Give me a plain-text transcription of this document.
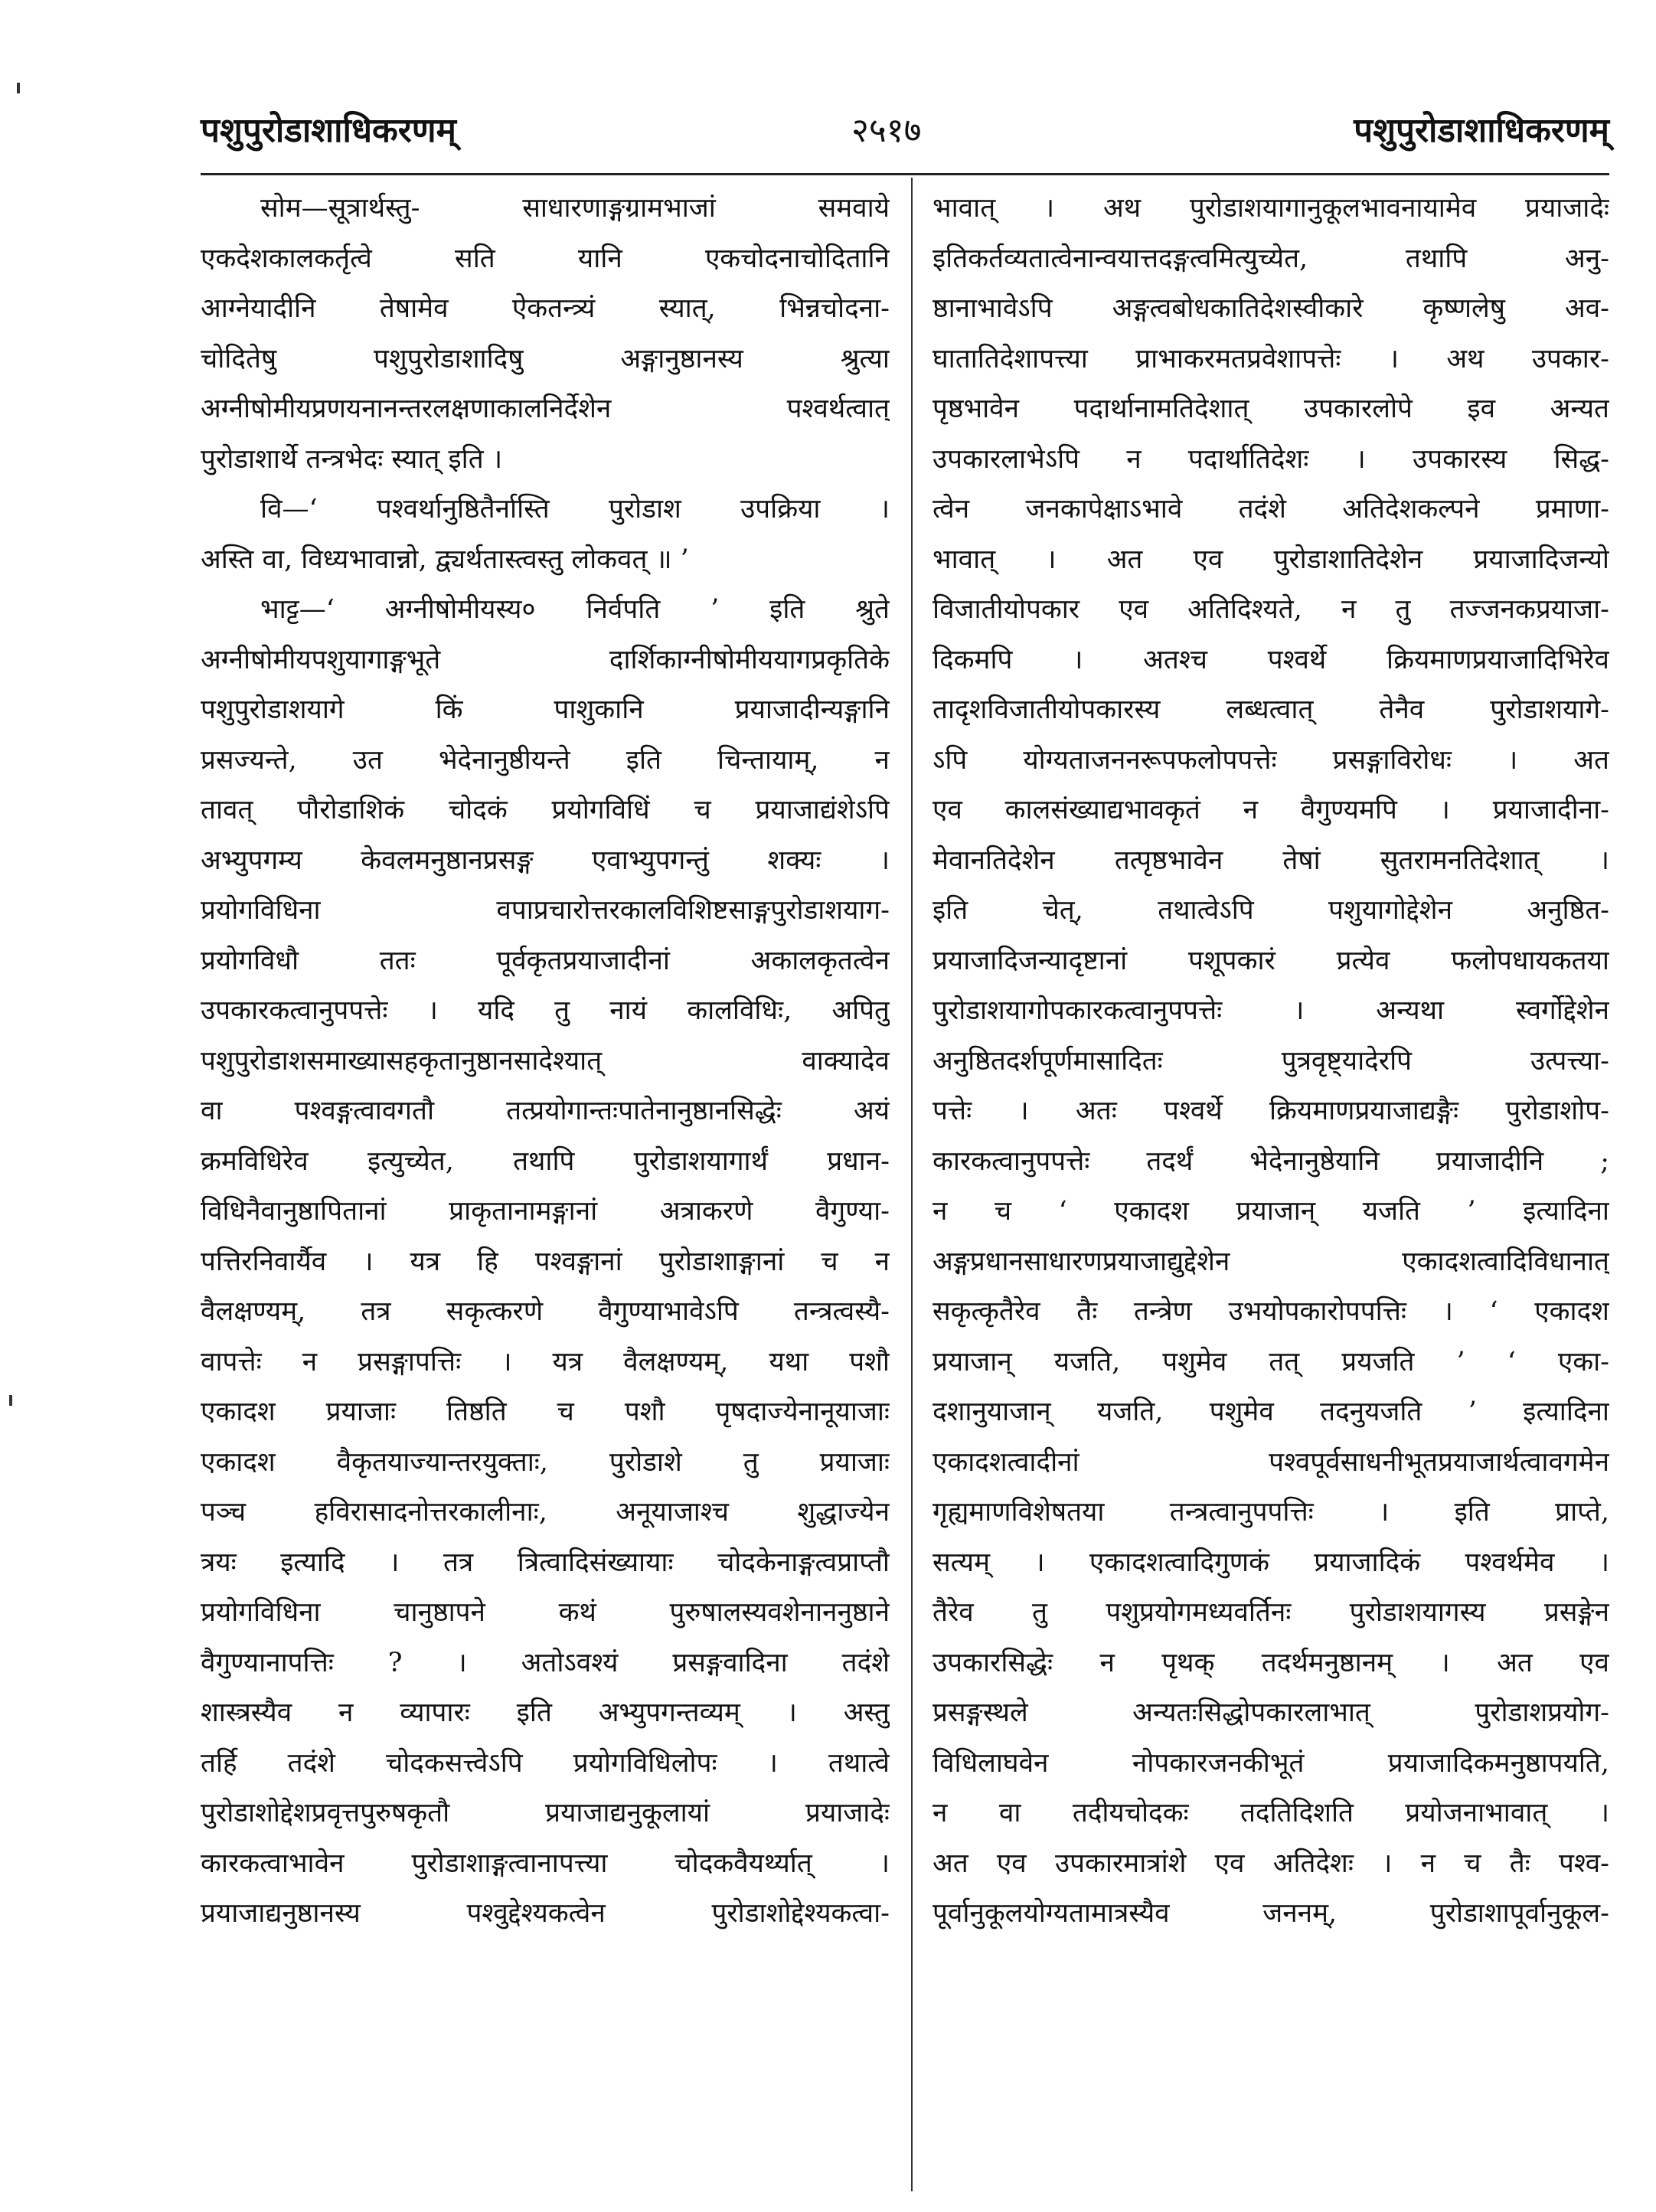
पशुपुरोडाशाधिकरणम्	२५१७	पशुपुरोडाशाधिकरणम्
सोम—सूत्रार्थस्तु- साधारणाङ्गग्रामभाजां समवाये
एकदेशकालकर्तृत्वे सति यानि एकचोदनाचोदितानि
आग्नेयादीनि तेषामेव ऐकतन्त्र्यं स्यात्, भिन्नचोदना-
चोदितेषु पशुपुरोडाशादिषु अङ्गानुष्ठानस्य श्रुत्या
अग्नीषोमीयप्रणयनानन्तरलक्षणाकालनिर्देशेन पश्वर्थत्वात्
पुरोडाशार्थे तन्त्रभेदः स्यात् इति ।
वि—‘ पश्वर्थानुष्ठितैर्नास्ति पुरोडाश उपक्रिया ।
अस्ति वा, विध्यभावान्नो, द्व्यर्थतास्त्वस्तु लोकवत् ॥ ’
भाट्ट—‘ अग्नीषोमीयस्य० निर्वपति ’ इति श्रुते
अग्नीषोमीयपशुयागाङ्गभूते दार्शिकाग्नीषोमीययागप्रकृतिके
पशुपुरोडाशयागे किं पाशुकानि प्रयाजादीन्यङ्गानि
प्रसज्यन्ते, उत भेदेनानुष्ठीयन्ते इति चिन्तायाम्, न
तावत् पौरोडाशिकं चोदकं प्रयोगविधिं च प्रयाजाद्यंशेऽपि
अभ्युपगम्य केवलमनुष्ठानप्रसङ्ग एवाभ्युपगन्तुं शक्यः ।
प्रयोगविधिना वपाप्रचारोत्तरकालविशिष्टसाङ्गपुरोडाशयाग-
प्रयोगविधौ ततः पूर्वकृतप्रयाजादीनां अकालकृतत्वेन
उपकारकत्वानुपपत्तेः । यदि तु नायं कालविधिः, अपितु
पशुपुरोडाशसमाख्यासहकृतानुष्ठानसादेश्यात् वाक्यादेव
वा पश्वङ्गत्वावगतौ तत्प्रयोगान्तःपातेनानुष्ठानसिद्धेः अयं
क्रमविधिरेव इत्युच्येत, तथापि पुरोडाशयागार्थं प्रधान-
विधिनैवानुष्ठापितानां प्राकृतानामङ्गानां अत्राकरणे वैगुण्या-
पत्तिरनिवार्यैव । यत्र हि पश्वङ्गानां पुरोडाशाङ्गानां च न
वैलक्षण्यम्, तत्र सकृत्करणे वैगुण्याभावेऽपि तन्त्रत्वस्यै-
वापत्तेः न प्रसङ्गापत्तिः । यत्र वैलक्षण्यम्, यथा पशौ
एकादश प्रयाजाः तिष्ठति च पशौ पृषदाज्येनानूयाजाः
एकादश वैकृतयाज्यान्तरयुक्ताः, पुरोडाशे तु प्रयाजाः
पञ्च हविरासादनोत्तरकालीनाः, अनूयाजाश्च शुद्धाज्येन
त्रयः इत्यादि । तत्र त्रित्वादिसंख्यायाः चोदकेनाङ्गत्वप्राप्तौ
प्रयोगविधिना चानुष्ठापने कथं पुरुषालस्यवशेनाननुष्ठाने
वैगुण्यानापत्तिः ? । अतोऽवश्यं प्रसङ्गवादिना तदंशे
शास्त्रस्यैव न व्यापारः इति अभ्युपगन्तव्यम् । अस्तु
तर्हि तदंशे चोदकसत्त्वेऽपि प्रयोगविधिलोपः । तथात्वे
पुरोडाशोद्देशप्रवृत्तपुरुषकृतौ प्रयाजाद्यनुकूलायां प्रयाजादेः
कारकत्वाभावेन पुरोडाशाङ्गत्वानापत्त्या चोदकवैयर्थ्यात् ।
प्रयाजाद्यनुष्ठानस्य पश्वुद्देश्यकत्वेन पुरोडाशोद्देश्यकत्वा-
भावात् । अथ पुरोडाशयागानुकूलभावनायामेव प्रयाजादेः
इतिकर्तव्यतात्वेनान्वयात्तदङ्गत्वमित्युच्येत, तथापि अनु-
ष्ठानाभावेऽपि अङ्गत्वबोधकातिदेशस्वीकारे कृष्णलेषु अव-
घातातिदेशापत्त्या प्राभाकरमतप्रवेशापत्तेः । अथ उपकार-
पृष्ठभावेन पदार्थानामतिदेशात् उपकारलोपे इव अन्यत
उपकारलाभेऽपि न पदार्थातिदेशः । उपकारस्य सिद्ध-
त्वेन जनकापेक्षाऽभावे तदंशे अतिदेशकल्पने प्रमाणा-
भावात् । अत एव पुरोडाशातिदेशेन प्रयाजादिजन्यो
विजातीयोपकार एव अतिदिश्यते, न तु तज्जनकप्रयाजा-
दिकमपि । अतश्च पश्वर्थे क्रियमाणप्रयाजादिभिरेव
तादृशविजातीयोपकारस्य लब्धत्वात् तेनैव पुरोडाशयागे-
ऽपि योग्यताजननरूपफलोपपत्तेः प्रसङ्गाविरोधः । अत
एव कालसंख्याद्यभावकृतं न वैगुण्यमपि । प्रयाजादीना-
मेवानतिदेशेन तत्पृष्ठभावेन तेषां सुतरामनतिदेशात् ।
इति चेत्, तथात्वेऽपि पशुयागोद्देशेन अनुष्ठित-
प्रयाजादिजन्यादृष्टानां पशूपकारं प्रत्येव फलोपधायकतया
पुरोडाशयागोपकारकत्वानुपपत्तेः । अन्यथा स्वर्गोद्देशेन
अनुष्ठितदर्शपूर्णमासादितः पुत्रवृष्ट्यादेरपि उत्पत्त्या-
पत्तेः । अतः पश्वर्थे क्रियमाणप्रयाजाद्यङ्गैः पुरोडाशोप-
कारकत्वानुपपत्तेः तदर्थं भेदेनानुष्ठेयानि प्रयाजादीनि ;
न च ‘ एकादश प्रयाजान् यजति ’ इत्यादिना
अङ्गप्रधानसाधारणप्रयाजाद्युद्देशेन एकादशत्वादिविधानात्
सकृत्कृतैरेव तैः तन्त्रेण उभयोपकारोपपत्तिः । ‘ एकादश
प्रयाजान् यजति, पशुमेव तत् प्रयजति ’ ‘ एका-
दशानुयाजान् यजति, पशुमेव तदनुयजति ’ इत्यादिना
एकादशत्वादीनां पश्वपूर्वसाधनीभूतप्रयाजार्थत्वावगमेन
गृह्यमाणविशेषतया तन्त्रत्वानुपपत्तिः । इति प्राप्ते,
सत्यम् । एकादशत्वादिगुणकं प्रयाजादिकं पश्वर्थमेव ।
तैरेव तु पशुप्रयोगमध्यवर्तिनः पुरोडाशयागस्य प्रसङ्गेन
उपकारसिद्धेः न पृथक् तदर्थमनुष्ठानम् । अत एव
प्रसङ्गस्थले अन्यतःसिद्धोपकारलाभात् पुरोडाशप्रयोग-
विधिलाघवेन नोपकारजनकीभूतं प्रयाजादिकमनुष्ठापयति,
न वा तदीयचोदकः तदतिदिशति प्रयोजनाभावात् ।
अत एव उपकारमात्रांशे एव अतिदेशः । न च तैः पश्व-
पूर्वानुकूलयोग्यतामात्रस्यैव जननम्, पुरोडाशापूर्वानुकूल-
